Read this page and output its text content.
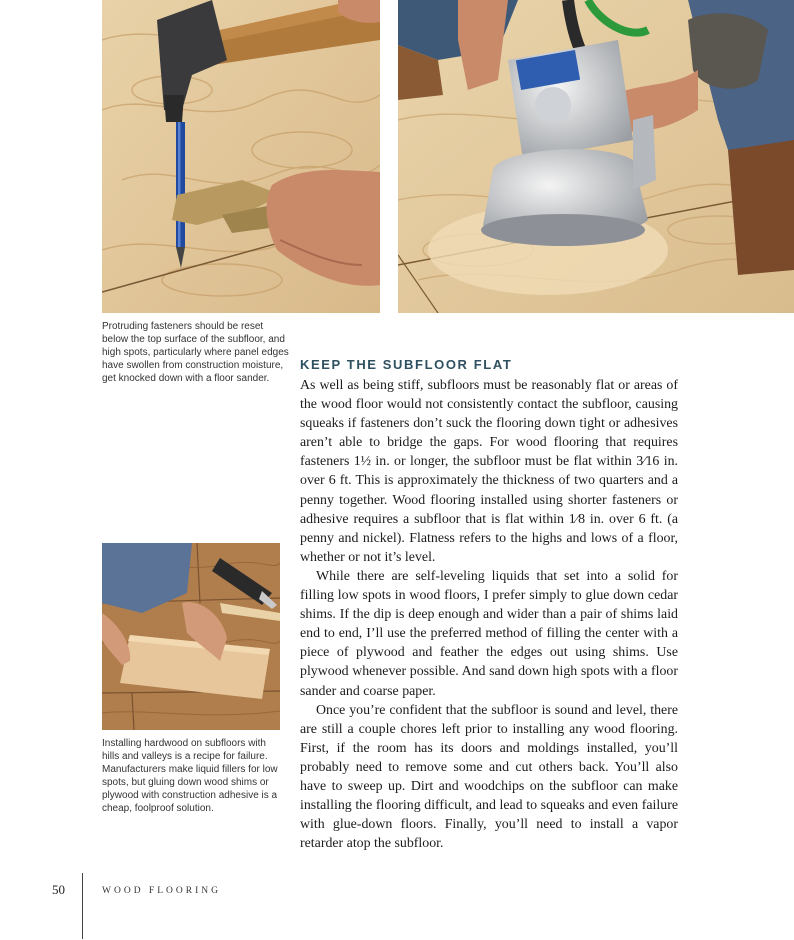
Protruding fasteners should be reset below the top surface of the subfloor, and high spots, particularly where panel edges have swollen from construction moisture, get knocked down with a floor sander.
KEEP THE SUBFLOOR FLAT

As well as being stiff, subfloors must be reasonably flat or areas of the wood floor would not consistently contact the subfloor, causing squeaks if fasteners don’t suck the flooring down tight or adhesives aren’t able to bridge the gaps. For wood flooring that requires fasteners 1½ in. or longer, the subfloor must be flat within 3⁄16 in. over 6 ft. This is approximately the thickness of two quarters and a penny together. Wood flooring installed using shorter fasteners or adhesive requires a subfloor that is flat within 1⁄8 in. over 6 ft. (a penny and nickel). Flatness refers to the highs and lows of a floor, whether or not it’s level.

While there are self-leveling liquids that set into a solid for filling low spots in wood floors, I prefer simply to glue down cedar shims. If the dip is deep enough and wider than a pair of shims laid end to end, I’ll use the preferred method of filling the center with a piece of plywood and feather the edges out using shims. Use plywood whenever possible. And sand down high spots with a floor sander and coarse paper.

Once you’re confident that the subfloor is sound and level, there are still a couple chores left prior to installing any wood flooring. First, if the room has its doors and moldings installed, you’ll probably need to remove some and cut others back. You’ll also have to sweep up. Dirt and woodchips on the subfloor can make installing the flooring difficult, and lead to squeaks and even failure with glue-down floors. Finally, you’ll need to install a vapor retarder atop the subfloor.

Installing hardwood on subfloors with hills and valleys is a recipe for failure. Manufacturers make liquid fillers for low spots, but gluing down wood shims or plywood with construction adhesive is a cheap, foolproof solution.
50	WOOD FLOORING
